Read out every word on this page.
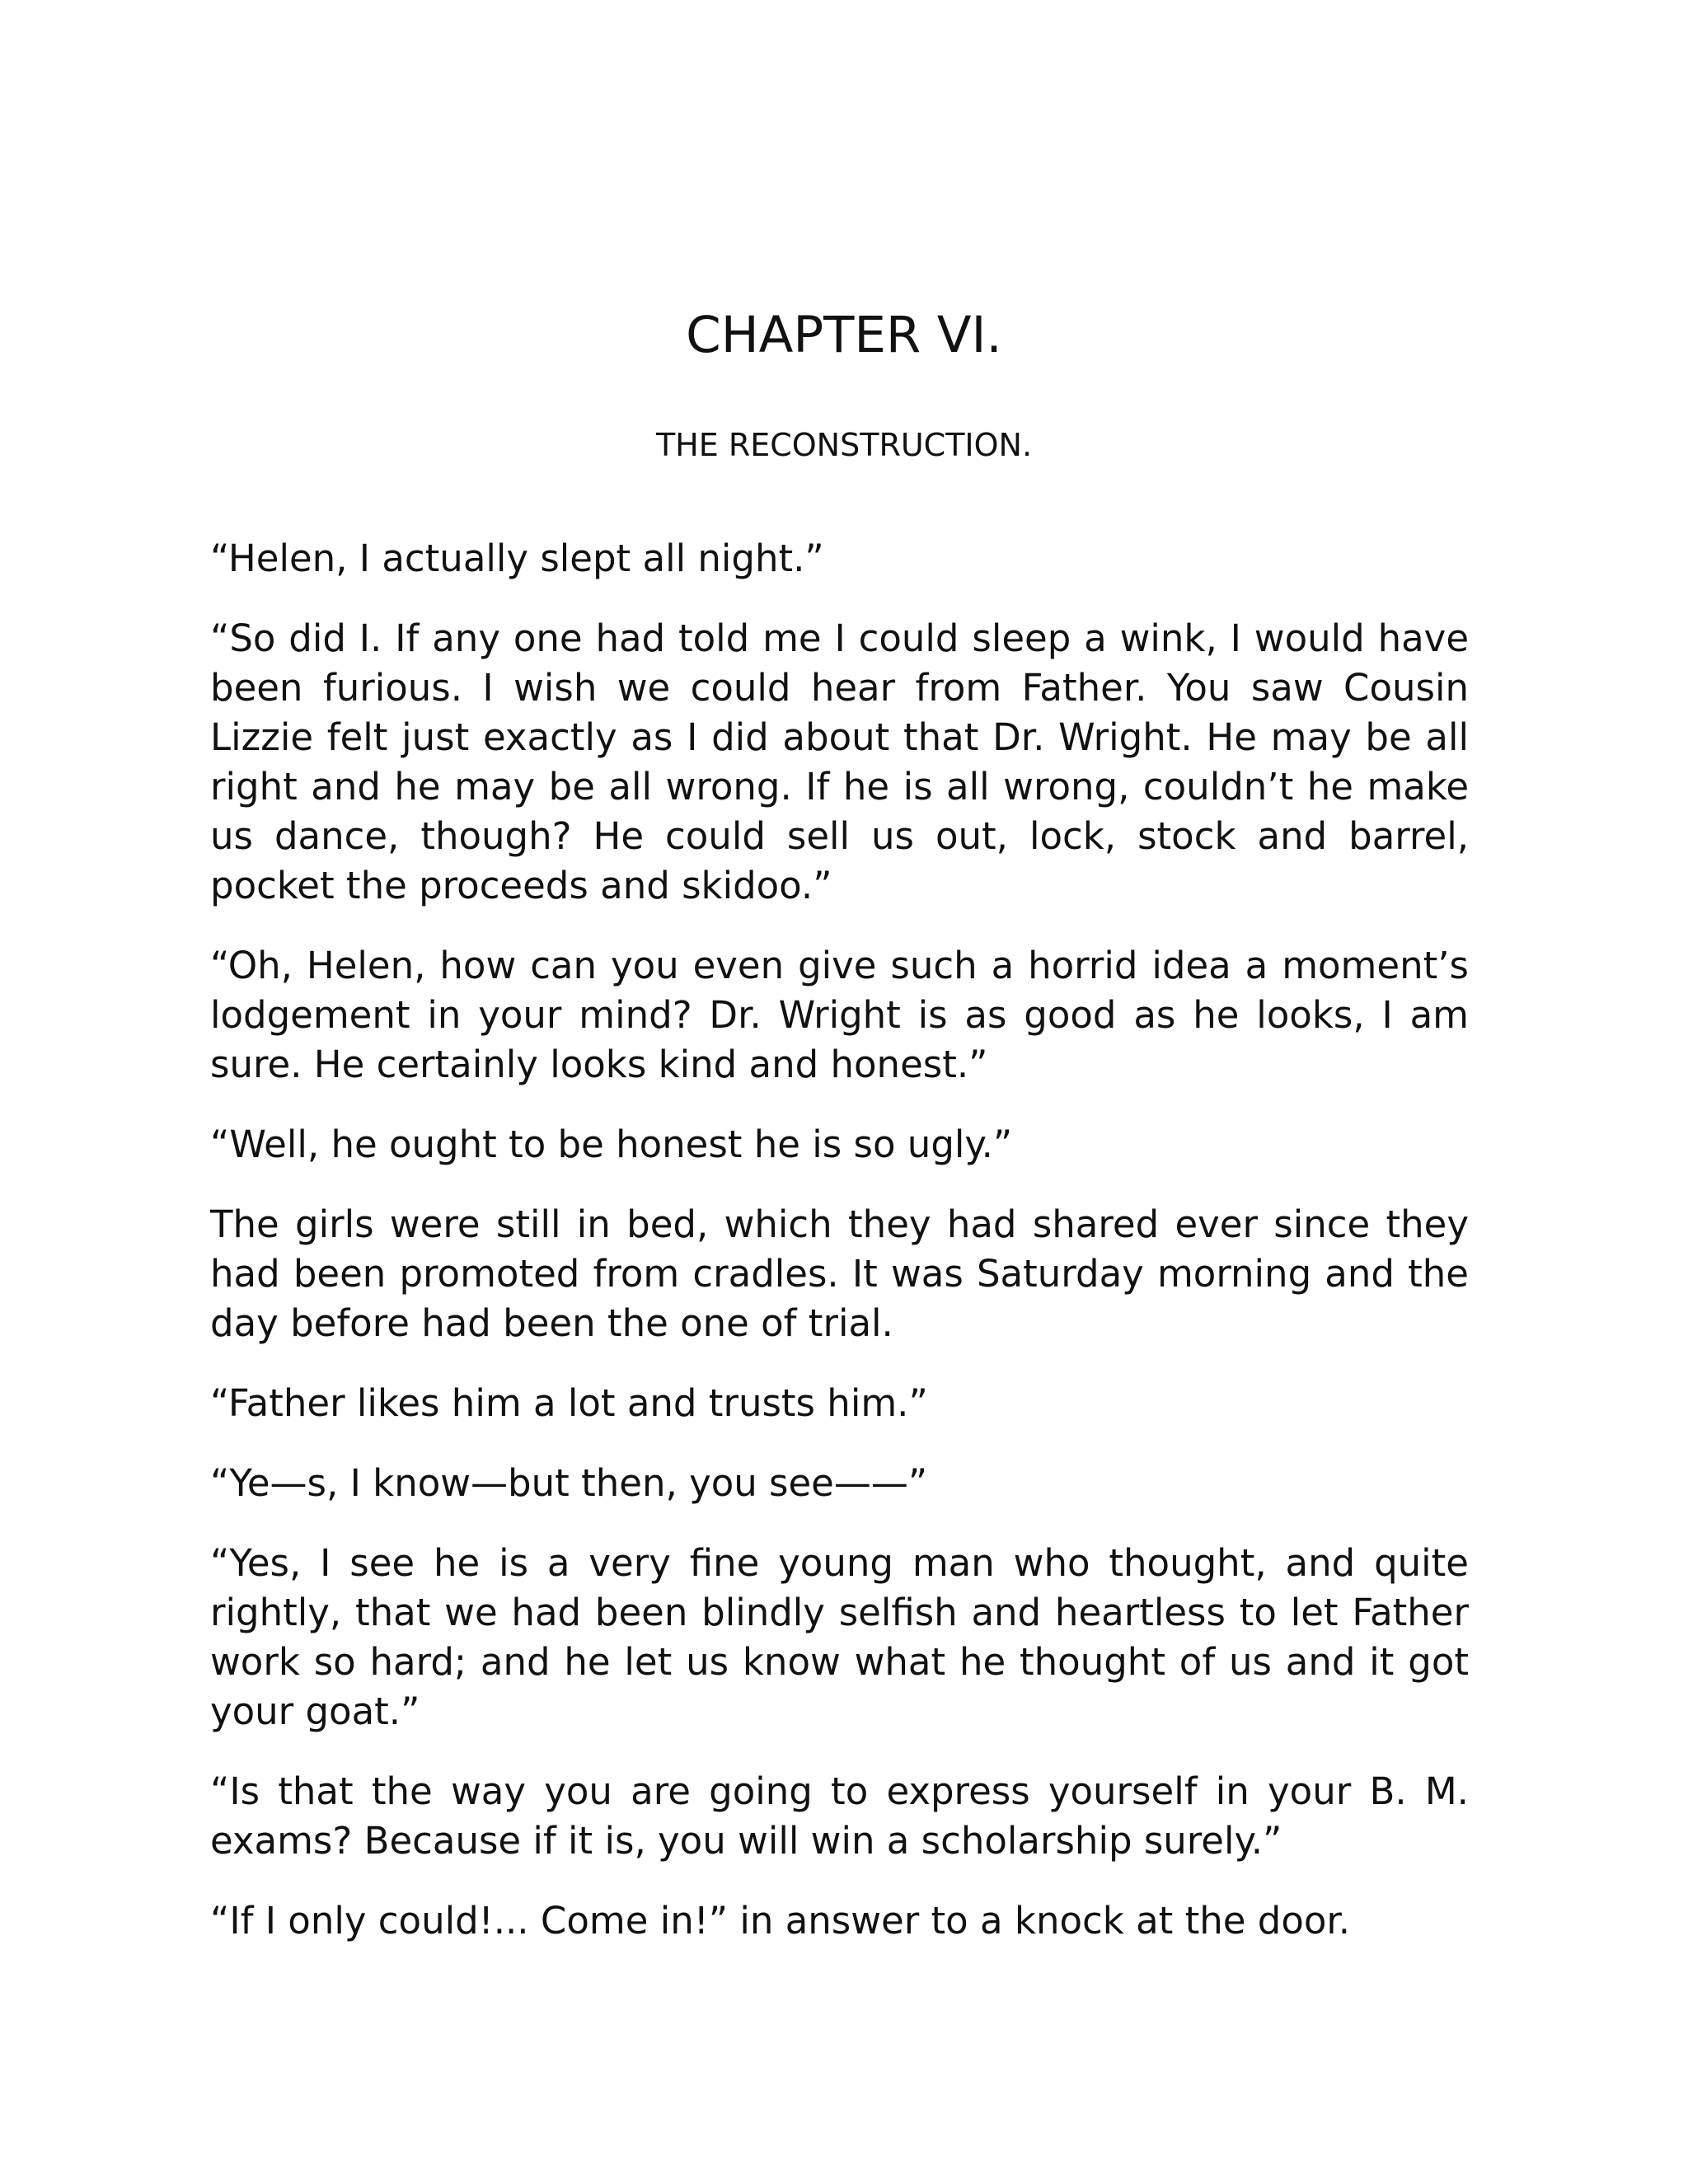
CHAPTER VI.
THE RECONSTRUCTION.

“Helen, I actually slept all night.”

“So did I. If any one had told me I could sleep a wink, I would have been furious. I wish we could hear from Father. You saw Cousin Lizzie felt just exactly as I did about that Dr. Wright. He may be all right and he may be all wrong. If he is all wrong, couldn’t he make us dance, though? He could sell us out, lock, stock and barrel, pocket the proceeds and skidoo.”

“Oh, Helen, how can you even give such a horrid idea a moment’s lodgement in your mind? Dr. Wright is as good as he looks, I am sure. He certainly looks kind and honest.”

“Well, he ought to be honest he is so ugly.”

The girls were still in bed, which they had shared ever since they had been promoted from cradles. It was Saturday morning and the day before had been the one of trial.

“Father likes him a lot and trusts him.”

“Ye—s, I know—but then, you see——”

“Yes, I see he is a very fine young man who thought, and quite rightly, that we had been blindly selfish and heartless to let Father work so hard; and he let us know what he thought of us and it got your goat.”

“Is that the way you are going to express yourself in your B. M. exams? Because if it is, you will win a scholarship surely.”

“If I only could!... Come in!” in answer to a knock at the door.
